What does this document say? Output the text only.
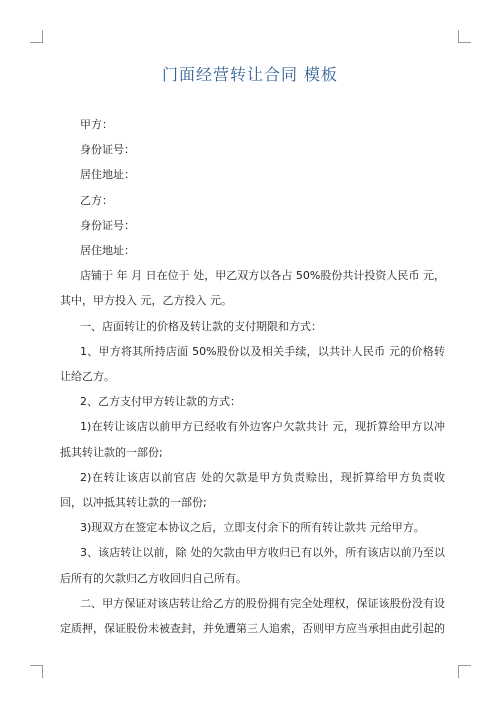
门面经营转让合同 模板

甲方：

身份证号：

居住地址：

乙方：

身份证号：

居住地址：

店铺于 年 月 日在位于 处，甲乙双方以各占 50%股份共计投资人民币 元，其中，甲方投入 元，乙方投入 元。

一、店面转让的价格及转让款的支付期限和方式：

1、甲方将其所持店面 50%股份以及相关手续，以共计人民币 元的价格转让给乙方。

2、乙方支付甲方转让款的方式：

1)在转让该店以前甲方已经收有外边客户欠款共计 元，现折算给甲方以冲抵其转让款的一部份;

2)在转让该店以前官店 处的欠款是甲方负责赊出，现折算给甲方负责收回，以冲抵其转让款的一部份;

3)现双方在签定本协议之后，立即支付余下的所有转让款共 元给甲方。

3、该店转让以前，除 处的欠款由甲方收归已有以外，所有该店以前乃至以后所有的欠款归乙方收回归自己所有。

二、甲方保证对该店转让给乙方的股份拥有完全处理权，保证该股份没有设定质押，保证股份未被查封，并免遭第三人追索，否则甲方应当承担由此引起的
